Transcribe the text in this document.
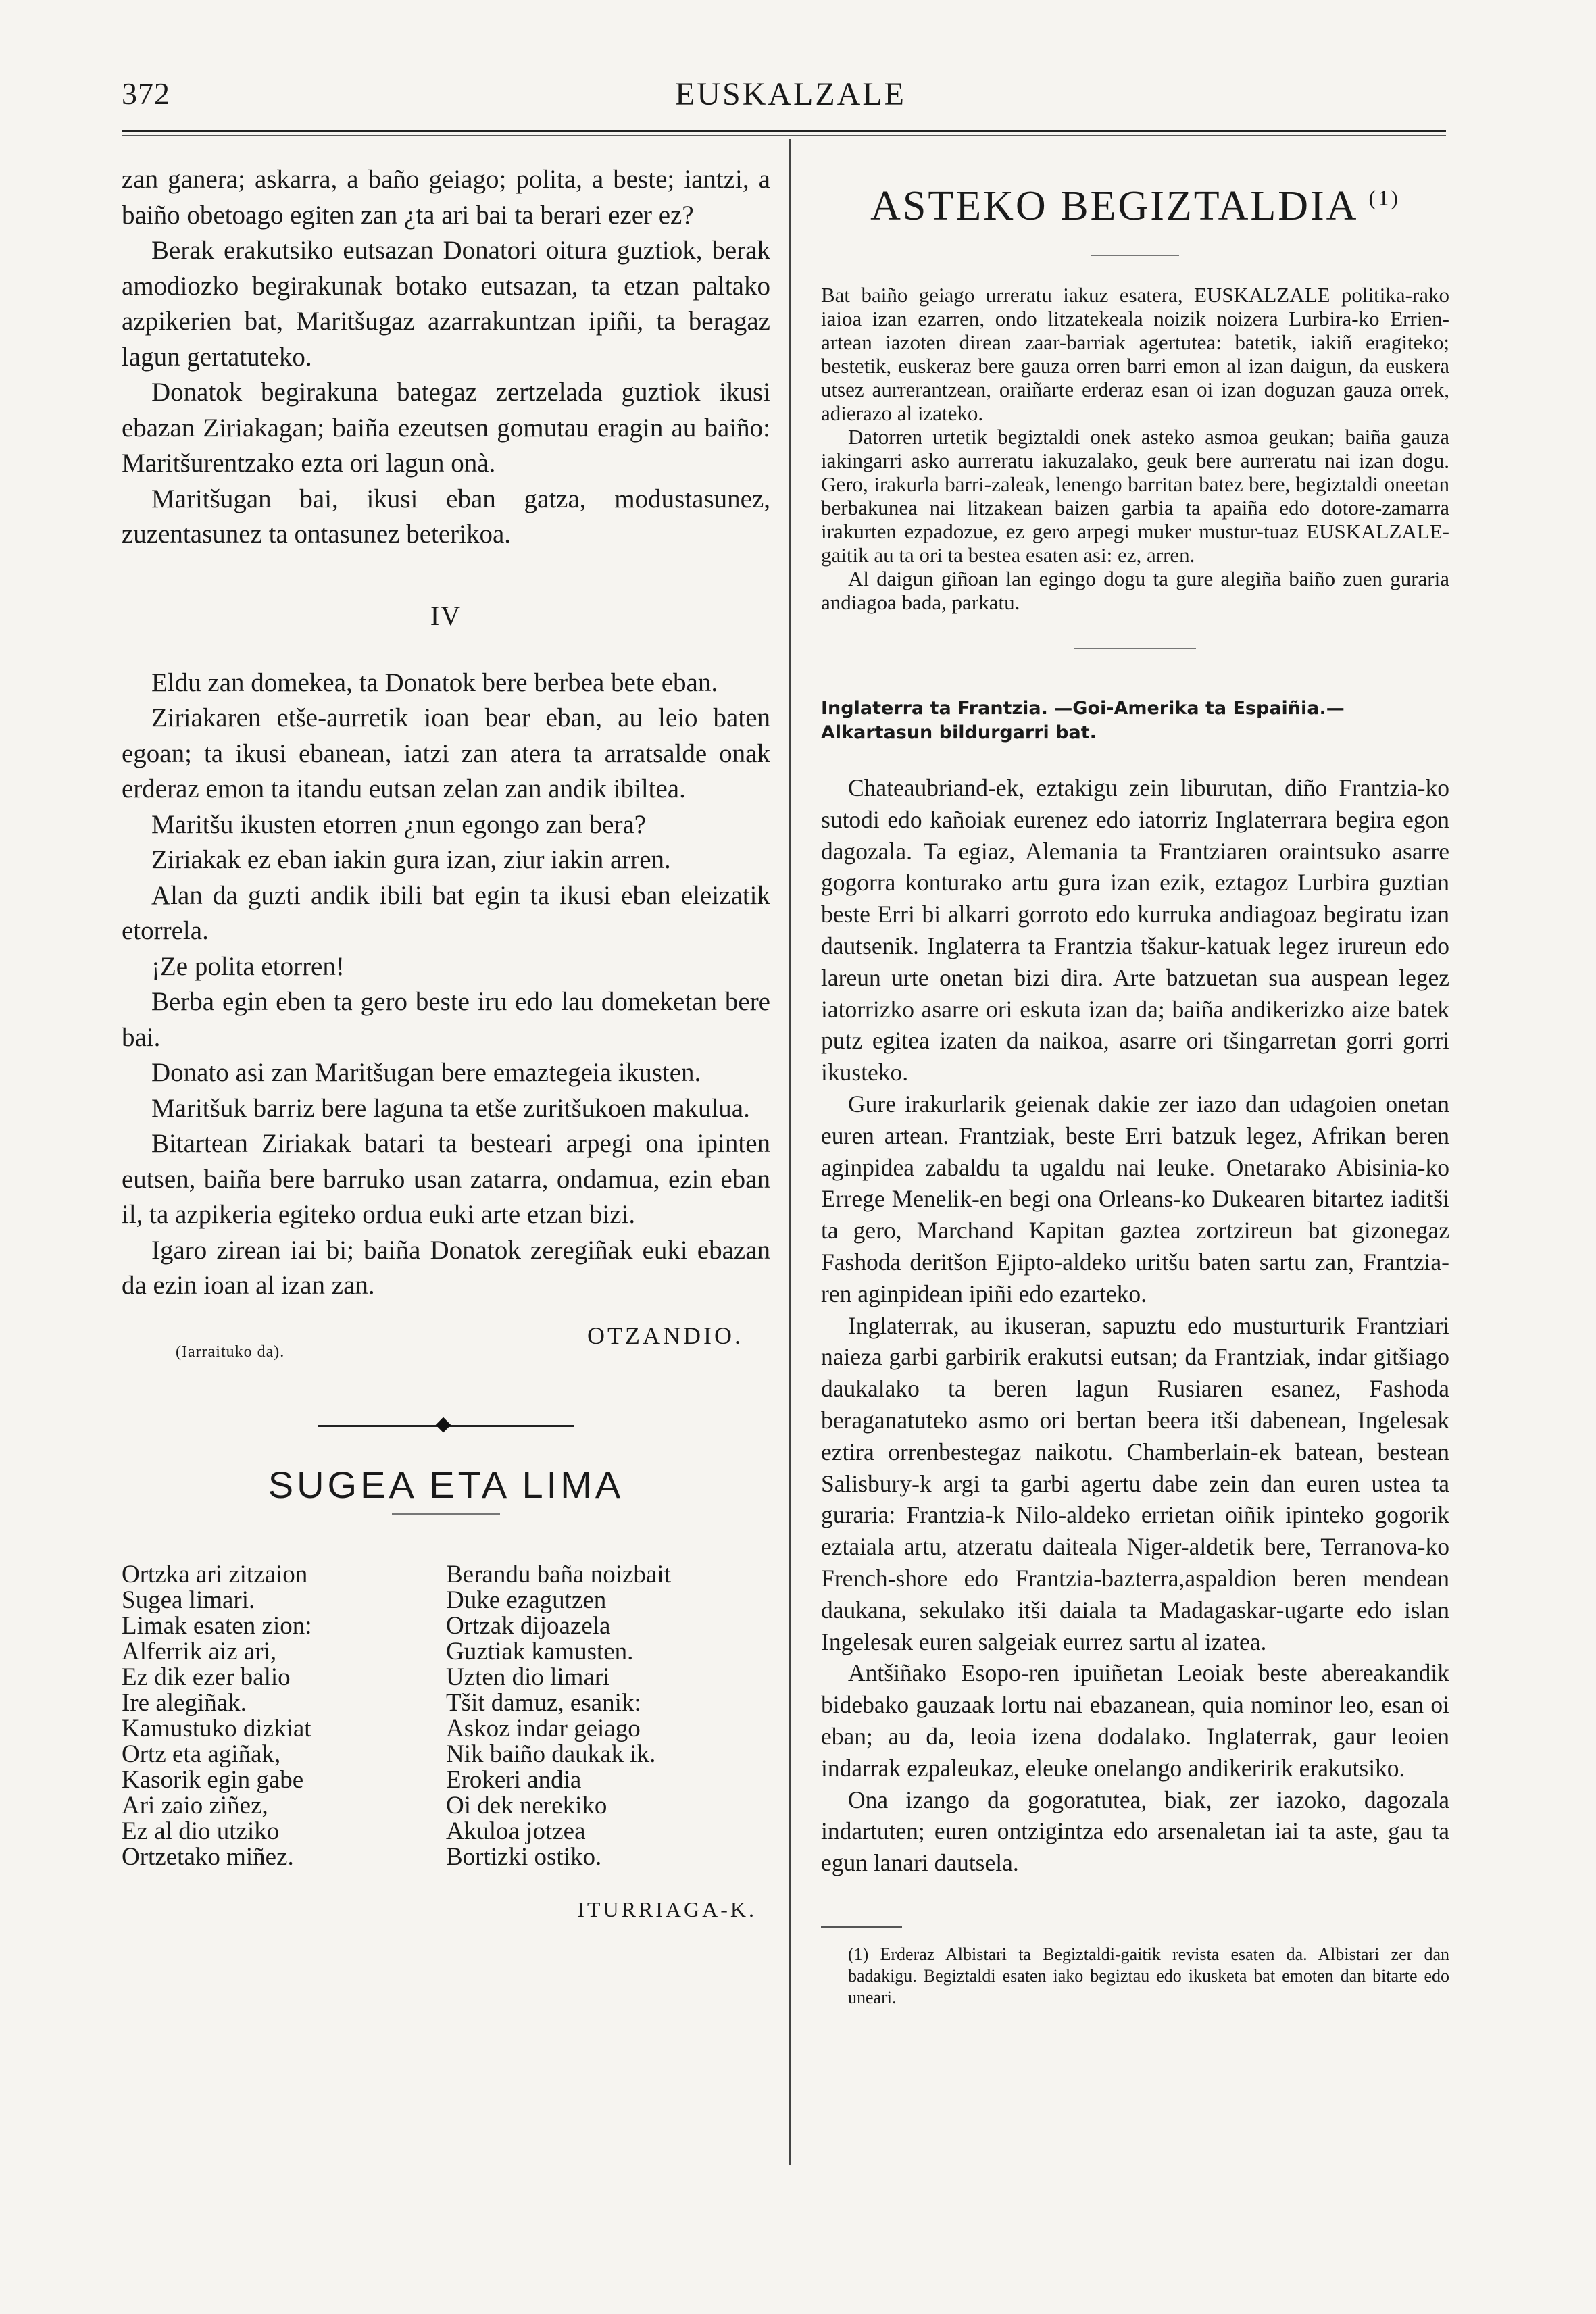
372	EUSKALZALE

zan ganera; askarra, a baño geiago; polita, a beste; iantzi, a baiño obetoago egiten zan ¿ta ari bai ta berari ezer ez?

Berak erakutsiko eutsazan Donatori oitura guztiok, berak amodiozko begirakunak botako eutsazan, ta etzan paltako azpikerien bat, Maritšugaz azarrakuntzan ipiñi, ta beragaz lagun gertatuteko.

Donatok begirakuna bategaz zertzelada guztiok ikusi ebazan Ziriakagan; baiña ezeutsen gomutau eragin au baiño: Maritšurentzako ezta ori lagun onà.

Maritšugan bai, ikusi eban gatza, modustasunez, zuzentasunez ta ontasunez beterikoa.

IV

Eldu zan domekea, ta Donatok bere berbea bete eban.

Ziriakaren etše-aurretik ioan bear eban, au leio baten egoan; ta ikusi ebanean, iatzi zan atera ta arratsalde onak erderaz emon ta itandu eutsan zelan zan andik ibiltea.

Maritšu ikusten etorren ¿nun egongo zan bera?

Ziriakak ez eban iakin gura izan, ziur iakin arren.

Alan da guzti andik ibili bat egin ta ikusi eban eleizatik etorrela.

¡Ze polita etorren!

Berba egin eben ta gero beste iru edo lau domeketan bere bai.

Donato asi zan Maritšugan bere emaztegeia ikusten.

Maritšuk barriz bere laguna ta etše zuritšukoen makulua.

Bitartean Ziriakak batari ta besteari arpegi ona ipinten eutsen, baiña bere barruko usan zatarra, ondamua, ezin eban il, ta azpikeria egiteko ordua euki arte etzan bizi.

Igaro zirean iai bi; baiña Donatok zeregiñak euki ebazan da ezin ioan al izan zan.

OTZANDIO.
(Iarraituko da).
SUGEA ETA LIMA

Ortzka ari zitzaion

Sugea limari.

Limak esaten zion:

Alferrik aiz ari,

Ez dik ezer balio

Ire alegiñak.

Kamustuko dizkiat

Ortz eta agiñak,

Kasorik egin gabe

Ari zaio ziñez,

Ez al dio utziko

Ortzetako miñez.

Berandu baña noizbait

Duke ezagutzen

Ortzak dijoazela

Guztiak kamusten.

Uzten dio limari

Tšit damuz, esanik:

Askoz indar geiago

Nik baiño daukak ik.

Erokeri andia

Oi dek nerekiko

Akuloa jotzea

Bortizki ostiko.

ITURRIAGA-K.
ASTEKO BEGIZTALDIA $^{(1)}$

Bat baiño geiago urreratu iakuz esatera, EUSKALZALE politika-rako iaioa izan ezarren, ondo litzatekeala noizik noizera Lurbira-ko Errien-artean iazoten direan zaar-barriak agertutea: batetik, iakiñ eragiteko; bestetik, euskeraz bere gauza orren barri emon al izan daigun, da euskera utsez aurrerantzean, oraiñarte erderaz esan oi izan doguzan gauza orrek, adierazo al izateko.

Datorren urtetik begiztaldi onek asteko asmoa geukan; baiña gauza iakingarri asko aurreratu iakuzalako, geuk bere aurreratu nai izan dogu. Gero, irakurla barri-zaleak, lenengo barritan batez bere, begiztaldi oneetan berbakunea nai litzakean baizen garbia ta apaiña edo dotore-zamarra irakurten ezpadozue, ez gero arpegi muker mustur-tuaz EUSKALZALE-gaitik au ta ori ta bestea esaten asi: ez, arren.

Al daigun giñoan lan egingo dogu ta gure alegiña baiño zuen guraria andiagoa bada, parkatu.

Inglaterra ta Frantzia. —Goi-Amerika ta Espaiñia.—Alkartasun bildurgarri bat.

Chateaubriand-ek, eztakigu zein liburutan, diño Frantzia-ko sutodi edo kañoiak eurenez edo iatorriz Inglaterrara begira egon dagozala. Ta egiaz, Alemania ta Frantziaren oraintsuko asarre gogorra konturako artu gura izan ezik, eztagoz Lurbira guztian beste Erri bi alkarri gorroto edo kurruka andiagoaz begiratu izan dautsenik. Inglaterra ta Frantzia tšakur-katuak legez irureun edo lareun urte onetan bizi dira. Arte batzuetan sua auspean legez iatorrizko asarre ori eskuta izan da; baiña andikerizko aize batek putz egitea izaten da naikoa, asarre ori tšingarretan gorri gorri ikusteko.

Gure irakurlarik geienak dakie zer iazo dan udagoien onetan euren artean. Frantziak, beste Erri batzuk legez, Afrikan beren aginpidea zabaldu ta ugaldu nai leuke. Onetarako Abisinia-ko Errege Menelik-en begi ona Orleans-ko Dukearen bitartez iaditši ta gero, Marchand Kapitan gaztea zortzireun bat gizonegaz Fashoda deritšon Ejipto-aldeko uritšu baten sartu zan, Frantzia-ren aginpidean ipiñi edo ezarteko.

Inglaterrak, au ikuseran, sapuztu edo musturturik Frantziari naieza garbi garbirik erakutsi eutsan; da Frantziak, indar gitšiago daukalako ta beren lagun Rusiaren esanez, Fashoda beraganatuteko asmo ori bertan beera itši dabenean, Ingelesak eztira orrenbestegaz naikotu. Chamberlain-ek batean, bestean Salisbury-k argi ta garbi agertu dabe zein dan euren ustea ta guraria: Frantzia-k Nilo-aldeko errietan oiñik ipinteko gogorik eztaiala artu, atzeratu daiteala Niger-aldetik bere, Terranova-ko French-shore edo Frantzia-bazterra,aspaldion beren mendean daukana, sekulako itši daiala ta Madagaskar-ugarte edo islan Ingelesak euren salgeiak eurrez sartu al izatea.

Antšiñako Esopo-ren ipuiñetan Leoiak beste abereakandik bidebako gauzaak lortu nai ebazanean, quia nominor leo, esan oi eban; au da, leoia izena dodalako. Inglaterrak, gaur leoien indarrak ezpaleukaz, eleuke onelango andikeririk erakutsiko.

Ona izango da gogoratutea, biak, zer iazoko, dagozala indartuten; euren ontzigintza edo arsenaletan iai ta aste, gau ta egun lanari dautsela.

(1) Erderaz Albistari ta Begiztaldi-gaitik revista esaten da. Albistari zer dan badakigu. Begiztaldi esaten iako begiztau edo ikusketa bat emoten dan bitarte edo uneari.
